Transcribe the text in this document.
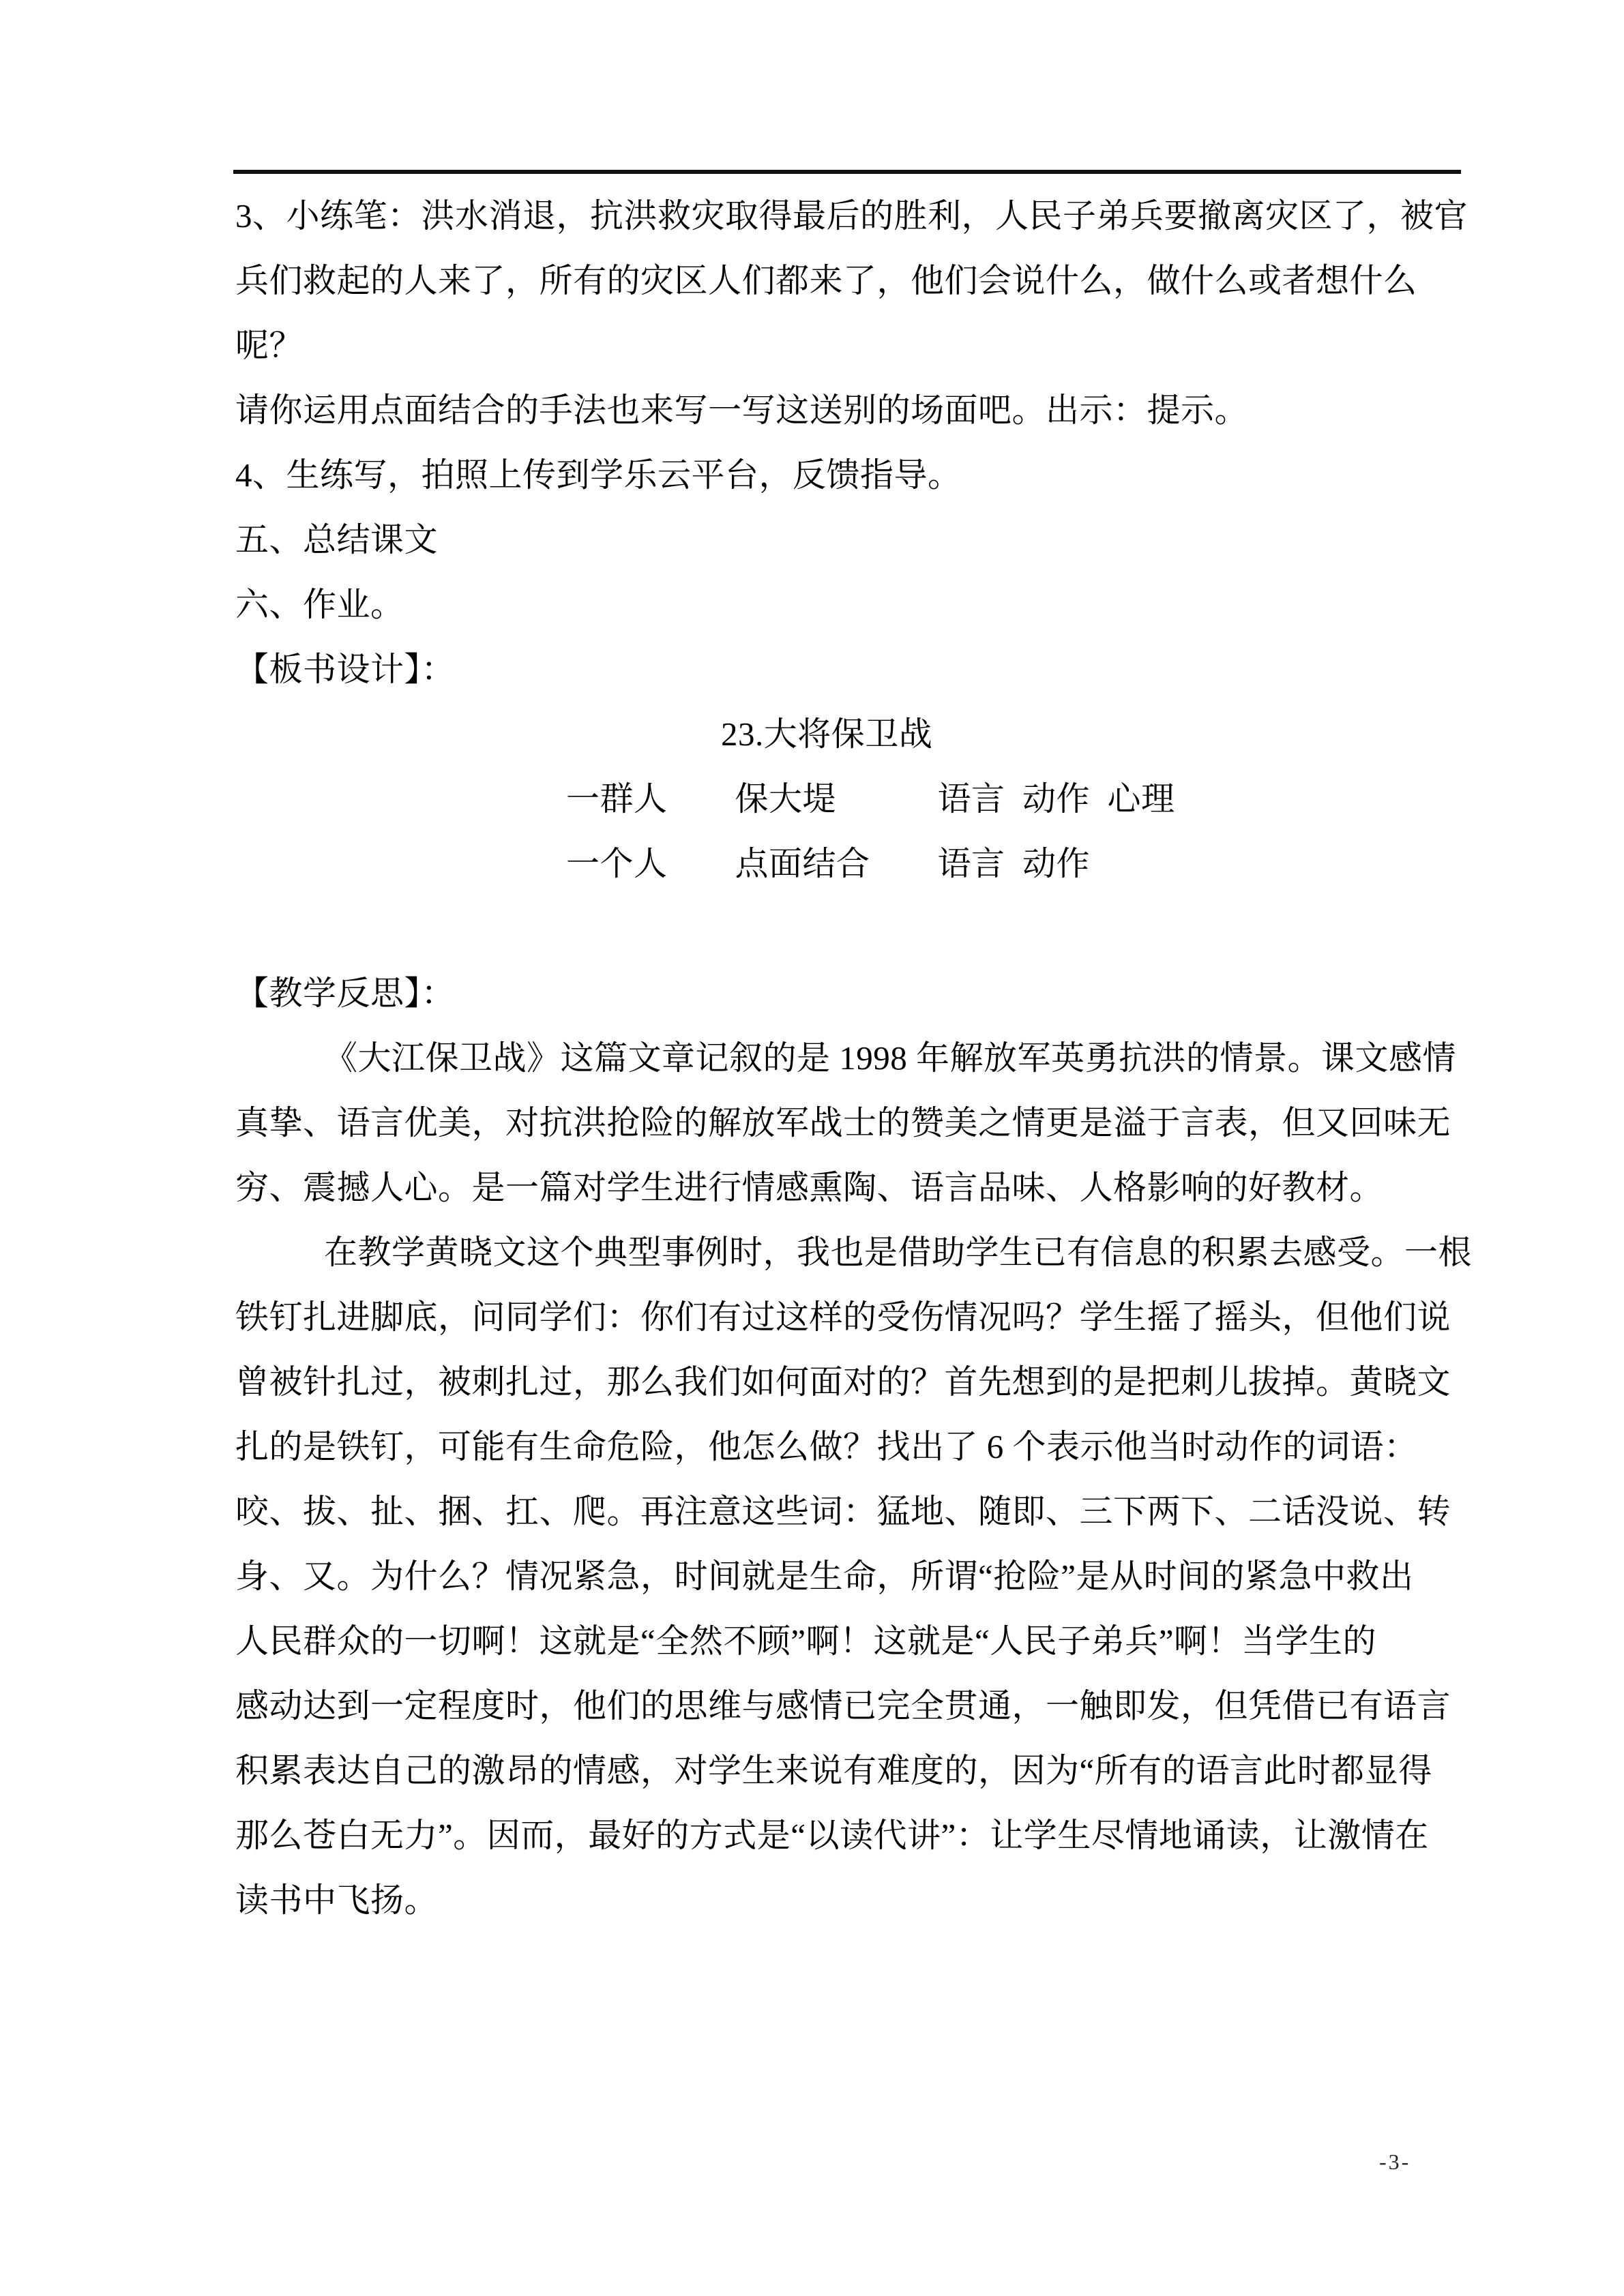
3、小练笔：洪水消退，抗洪救灾取得最后的胜利，人民子弟兵要撤离灾区了，被官
兵们救起的人来了，所有的灾区人们都来了，他们会说什么，做什么或者想什么
呢？
请你运用点面结合的手法也来写一写这送别的场面吧。出示：提示。
4、生练写，拍照上传到学乐云平台，反馈指导。
五、总结课文
六、作业。
【板书设计】：
23.大将保卫战
一群人　　保大堤　　　语言  动作  心理
一个人　　点面结合　　语言  动作
【教学反思】：
《大江保卫战》这篇文章记叙的是 1998 年解放军英勇抗洪的情景。课文感情
真挚、语言优美，对抗洪抢险的解放军战士的赞美之情更是溢于言表，但又回味无
穷、震撼人心。是一篇对学生进行情感熏陶、语言品味、人格影响的好教材。
在教学黄晓文这个典型事例时，我也是借助学生已有信息的积累去感受。一根
铁钉扎进脚底，问同学们：你们有过这样的受伤情况吗？学生摇了摇头，但他们说
曾被针扎过，被刺扎过，那么我们如何面对的？首先想到的是把刺儿拔掉。黄晓文
扎的是铁钉，可能有生命危险，他怎么做？找出了 6 个表示他当时动作的词语：
咬、拔、扯、捆、扛、爬。再注意这些词：猛地、随即、三下两下、二话没说、转
身、又。为什么？情况紧急，时间就是生命，所谓“抢险”是从时间的紧急中救出
人民群众的一切啊！这就是“全然不顾”啊！这就是“人民子弟兵”啊！当学生的
感动达到一定程度时，他们的思维与感情已完全贯通，一触即发，但凭借已有语言
积累表达自己的激昂的情感，对学生来说有难度的，因为“所有的语言此时都显得
那么苍白无力”。因而，最好的方式是“以读代讲”：让学生尽情地诵读，让激情在
读书中飞扬。
-3-
